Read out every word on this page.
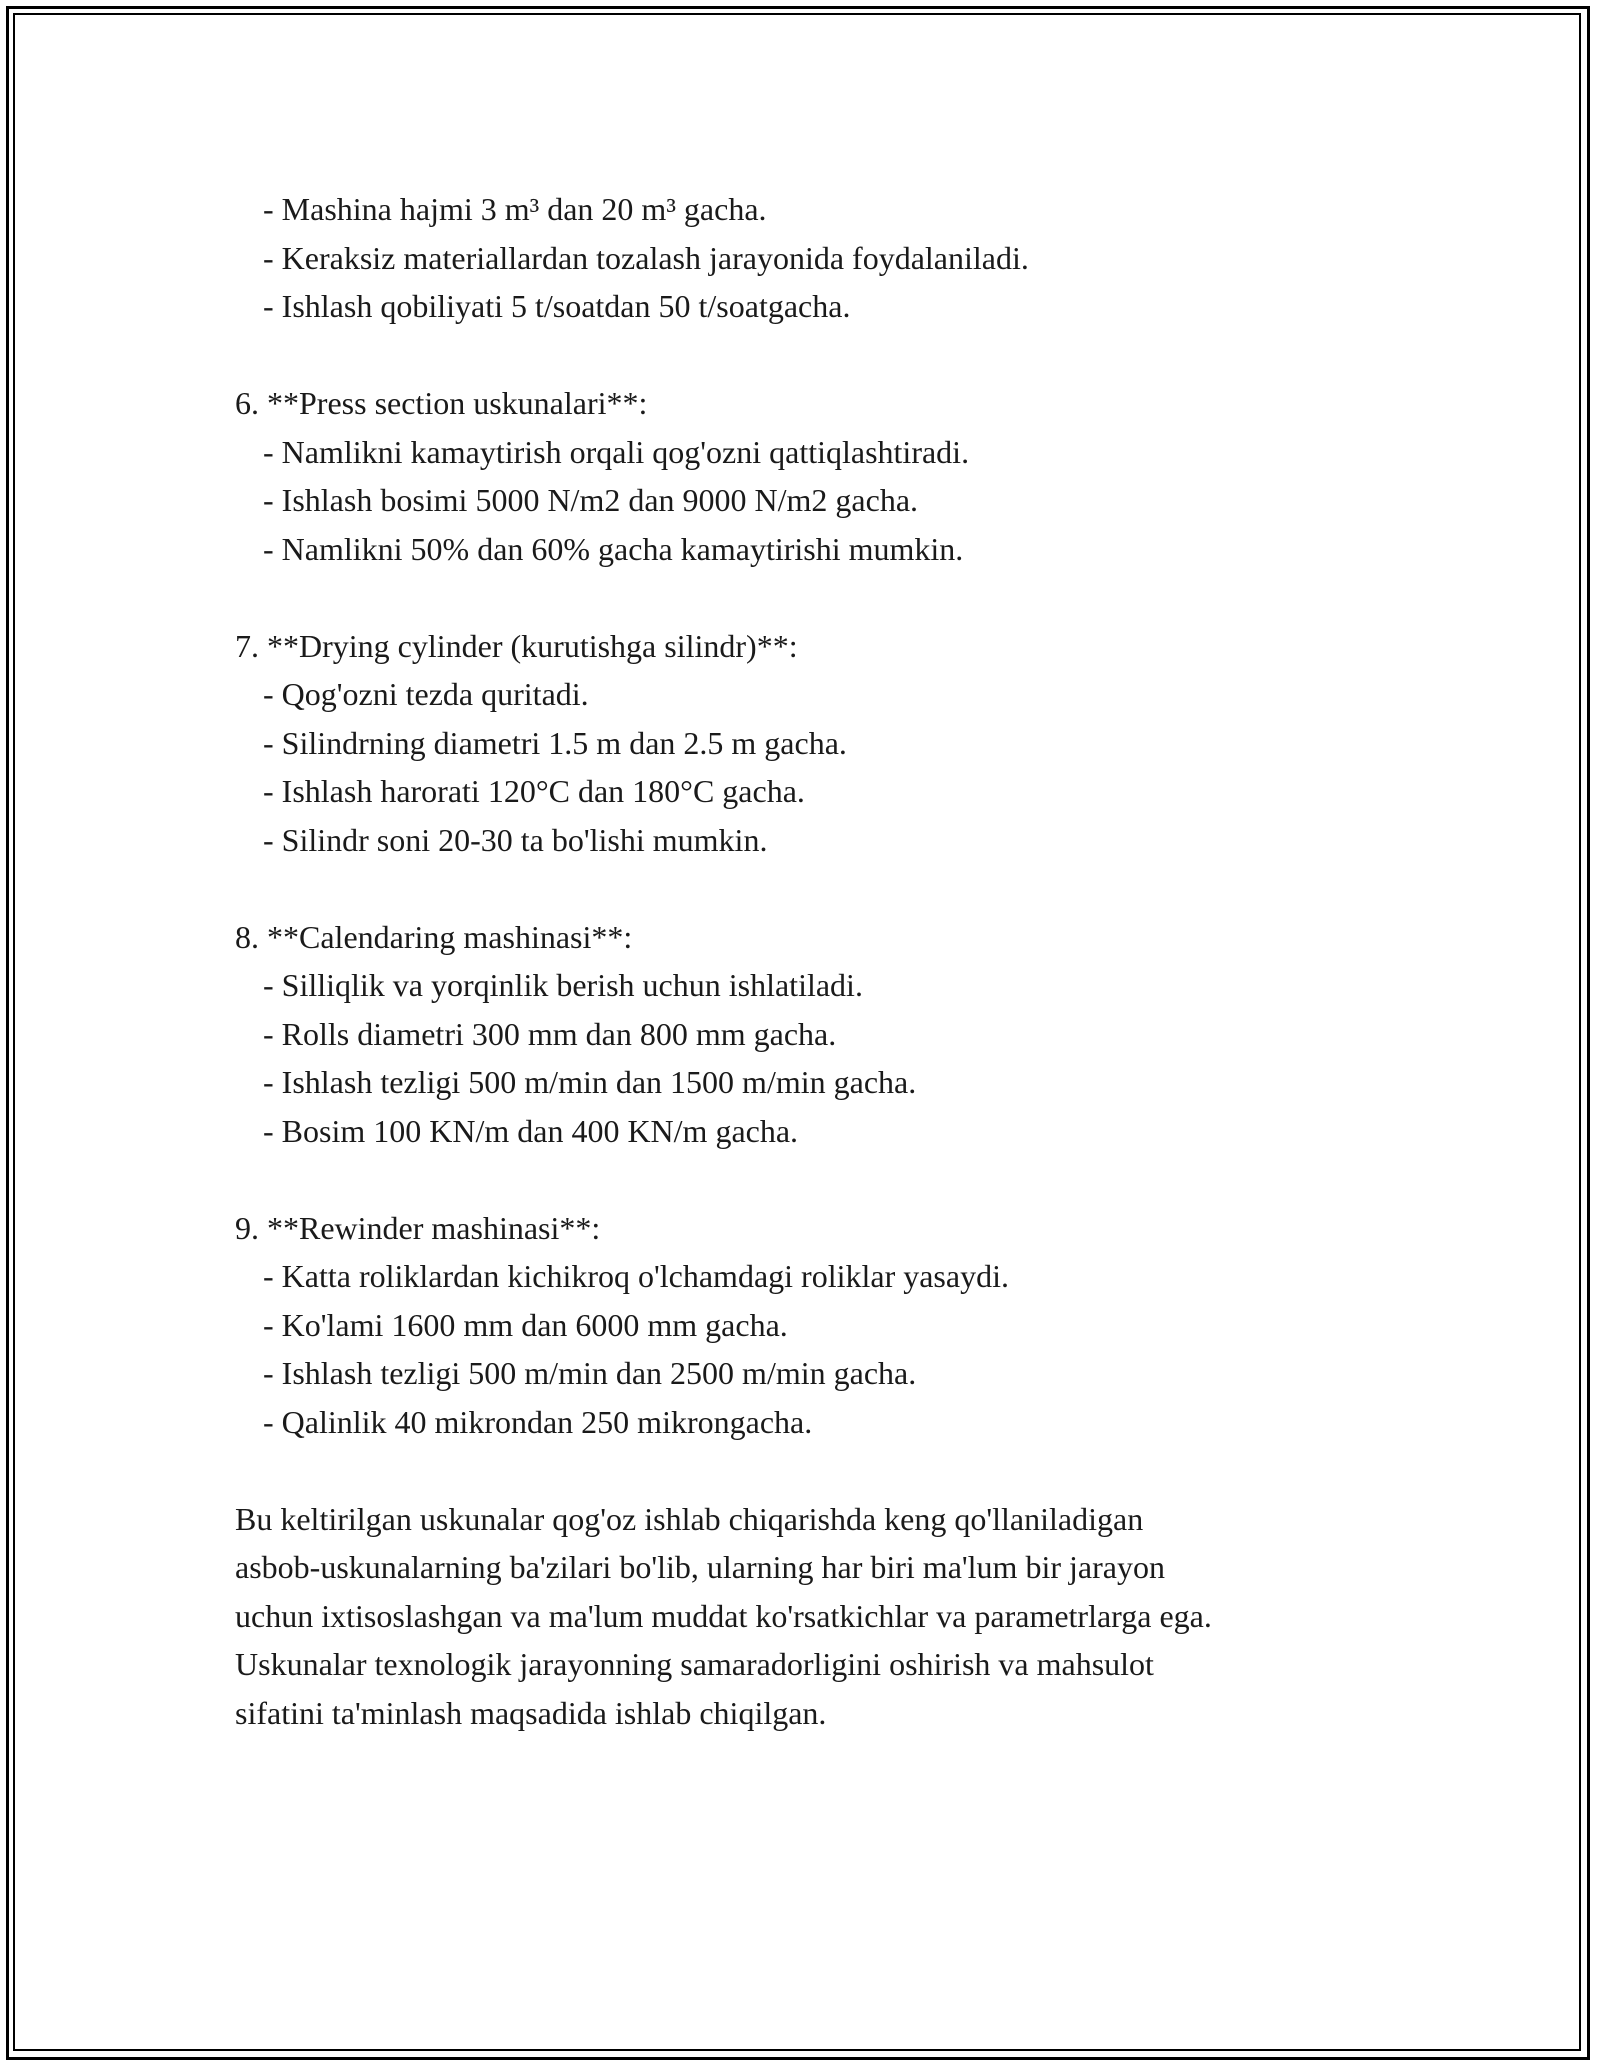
- Mashina hajmi 3 m³ dan 20 m³ gacha.
- Keraksiz materiallardan tozalash jarayonida foydalaniladi.
- Ishlash qobiliyati 5 t/soatdan 50 t/soatgacha.
6. **Press section uskunalari**:
- Namlikni kamaytirish orqali qog'ozni qattiqlashtiradi.
- Ishlash bosimi 5000 N/m2 dan 9000 N/m2 gacha.
- Namlikni 50% dan 60% gacha kamaytirishi mumkin.
7. **Drying cylinder (kurutishga silindr)**:
- Qog'ozni tezda quritadi.
- Silindrning diametri 1.5 m dan 2.5 m gacha.
- Ishlash harorati 120°C dan 180°C gacha.
- Silindr soni 20-30 ta bo'lishi mumkin.
8. **Calendaring mashinasi**:
- Silliqlik va yorqinlik berish uchun ishlatiladi.
- Rolls diametri 300 mm dan 800 mm gacha.
- Ishlash tezligi 500 m/min dan 1500 m/min gacha.
- Bosim 100 KN/m dan 400 KN/m gacha.
9. **Rewinder mashinasi**:
- Katta roliklardan kichikroq o'lchamdagi roliklar yasaydi.
- Ko'lami 1600 mm dan 6000 mm gacha.
- Ishlash tezligi 500 m/min dan 2500 m/min gacha.
- Qalinlik 40 mikrondan 250 mikrongacha.
Bu keltirilgan uskunalar qog'oz ishlab chiqarishda keng qo'llaniladigan
asbob-uskunalarning ba'zilari bo'lib, ularning har biri ma'lum bir jarayon
uchun ixtisoslashgan va ma'lum muddat ko'rsatkichlar va parametrlarga ega.
Uskunalar texnologik jarayonning samaradorligini oshirish va mahsulot
sifatini ta'minlash maqsadida ishlab chiqilgan.
